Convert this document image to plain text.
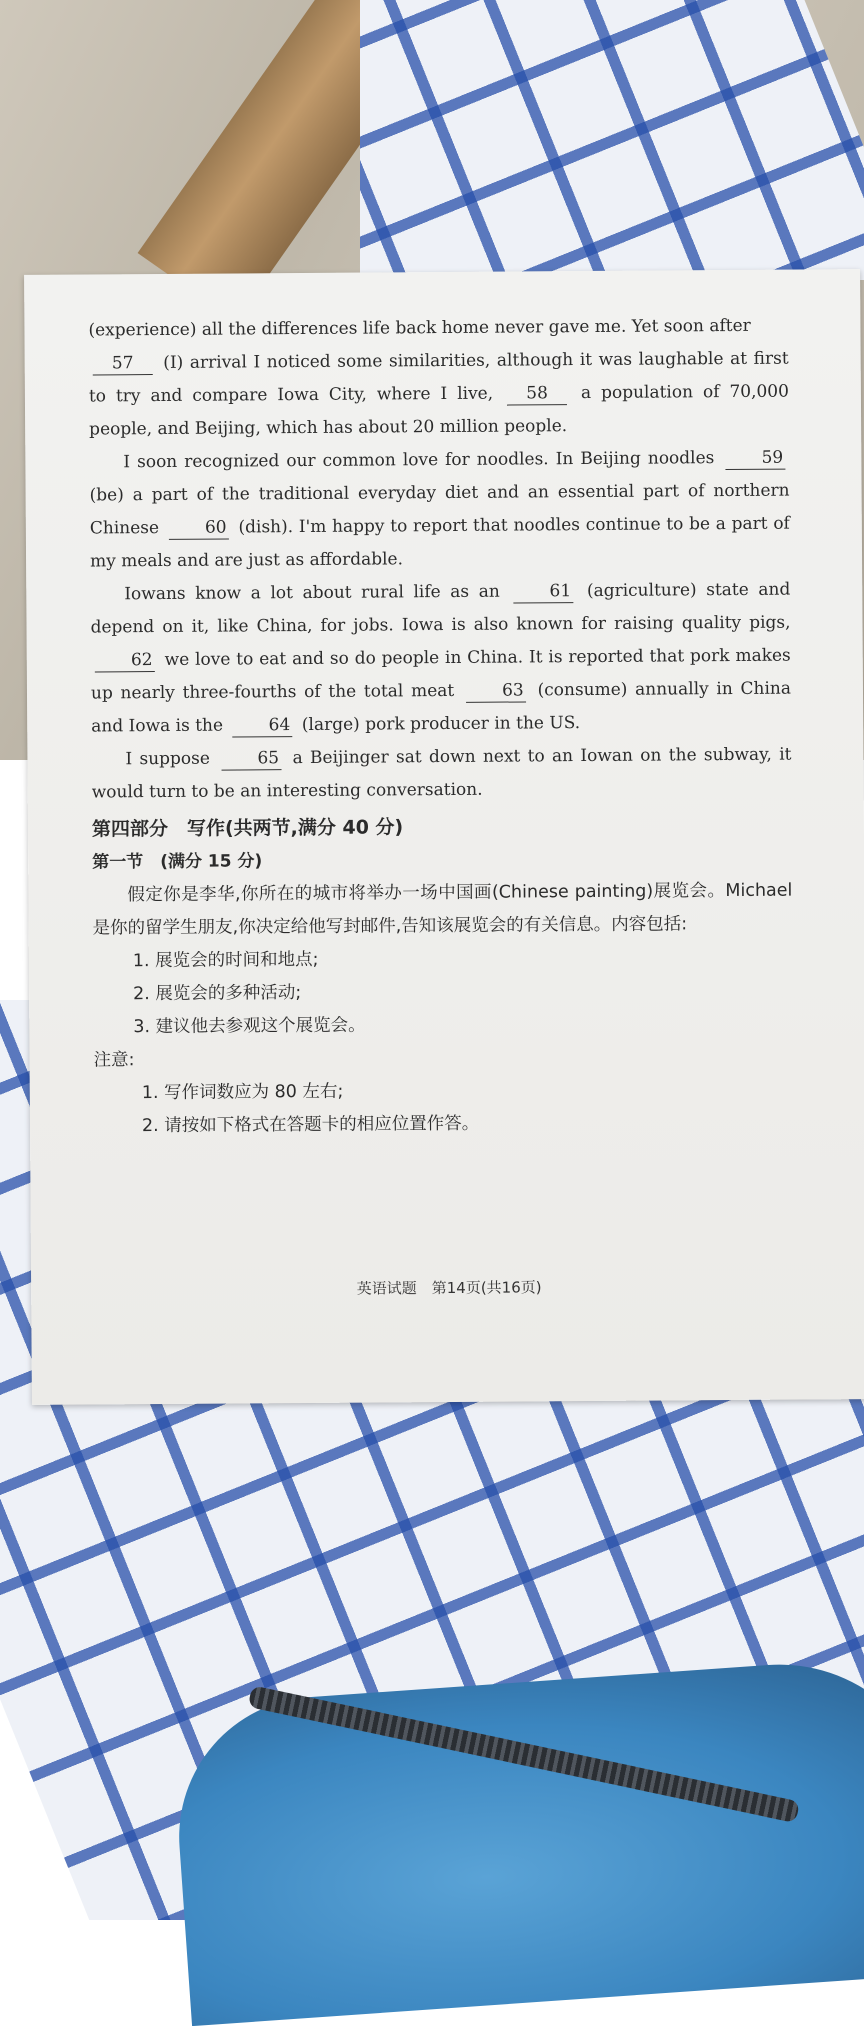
(experience) all the differences life back home never gave me. Yet soon after

57 (I) arrival I noticed some similarities, although it was laughable at first to try and compare Iowa City, where I live, 58 a population of 70,000 people, and Beijing, which has about 20 million people.

I soon recognized our common love for noodles. In Beijing noodles	59 (be) a part of the traditional everyday diet and an essential part of northern Chinese	60 (dish). I'm happy to report that noodles continue to be a part of my meals and are just as affordable.

Iowans know a lot about rural life as an	61 (agriculture) state and depend on it, like China, for jobs. Iowa is also known for raising quality pigs, 62 we love to eat and so do people in China. It is reported that pork makes up nearly three-fourths of the total meat	63 (consume) annually in China and Iowa is the	64 (large) pork producer in the US.

I suppose	65 a Beijinger sat down next to an Iowan on the subway, it would turn to be an interesting conversation.

第四部分　写作(共两节,满分 40 分)

第一节　(满分 15 分)

假定你是李华,你所在的城市将举办一场中国画(Chinese painting)展览会。Michael 是你的留学生朋友,你决定给他写封邮件,告知该展览会的有关信息。内容包括:

1. 展览会的时间和地点;

2. 展览会的多种活动;

3. 建议他去参观这个展览会。

注意:

1. 写作词数应为 80 左右;

2. 请按如下格式在答题卡的相应位置作答。

英语试题　第14页(共16页)
